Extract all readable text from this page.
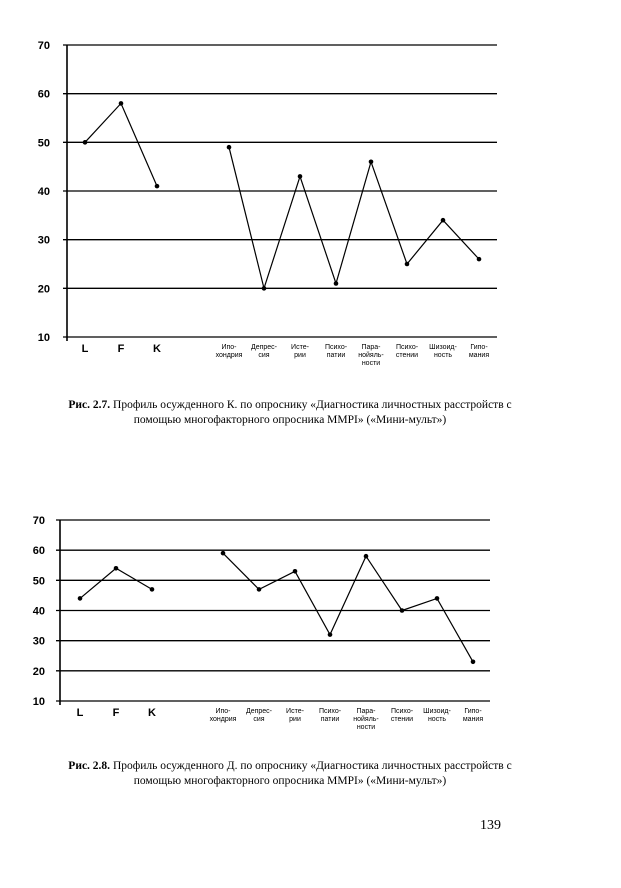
10
20
30
40
50
60
70
L	F	K	Ипо-хондрия
Депрес-сия
Исте-рии
Психо-патии
Пара-нойяль-ности
Психо-стении
Шизоид-ность
Гипо-мания
Рис. 2.7. Профиль осужденного К. по опроснику «Диагностика личностных расстройств с помощью многофакторного опросника MMPI» («Мини-мульт»)
10
20
30
40
50
60
70
L	F	K	Ипо-хондрия
Депрес-сия
Исте-рии
Психо-патии
Пара-нойяль-ности
Психо-стении
Шизоид-ность
Гипо-мания
Рис. 2.8. Профиль осужденного Д. по опроснику «Диагностика личностных расстройств с помощью многофакторного опросника MMPI» («Мини-мульт»)
139
